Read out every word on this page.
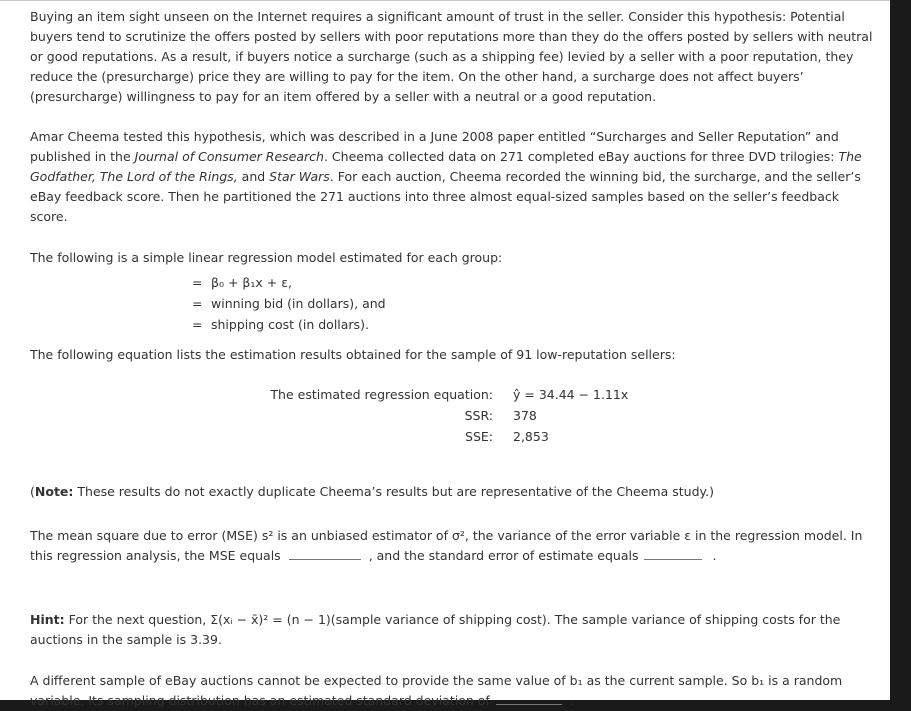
Buying an item sight unseen on the Internet requires a significant amount of trust in the seller. Consider this hypothesis: Potential buyers tend to scrutinize the offers posted by sellers with poor reputations more than they do the offers posted by sellers with neutral or good reputations. As a result, if buyers notice a surcharge (such as a shipping fee) levied by a seller with a poor reputation, they reduce the (presurcharge) price they are willing to pay for the item. On the other hand, a surcharge does not affect buyers’ (presurcharge) willingness to pay for an item offered by a seller with a neutral or a good reputation.

Amar Cheema tested this hypothesis, which was described in a June 2008 paper entitled “Surcharges and Seller Reputation” and published in the Journal of Consumer Research. Cheema collected data on 271 completed eBay auctions for three DVD trilogies: The Godfather, The Lord of the Rings, and Star Wars. For each auction, Cheema recorded the winning bid, the surcharge, and the seller’s eBay feedback score. Then he partitioned the 271 auctions into three almost equal-sized samples based on the seller’s feedback score.

The following is a simple linear regression model estimated for each group:

= β₀ + β₁x + ε,
= winning bid (in dollars), and
= shipping cost (in dollars).

The following equation lists the estimation results obtained for the sample of 91 low-reputation sellers:

The estimated regression equation: ŷ = 34.44 − 1.11x
SSR: 378
SSE: 2,853

(Note: These results do not exactly duplicate Cheema’s results but are representative of the Cheema study.)

The mean square due to error (MSE) s² is an unbiased estimator of σ², the variance of the error variable ε in the regression model. In this regression analysis, the MSE equals	, and the standard error of estimate equals	.

Hint: For the next question, Σ(xᵢ − x̄)² = (n − 1)(sample variance of shipping cost). The sample variance of shipping costs for the auctions in the sample is 3.39.

A different sample of eBay auctions cannot be expected to provide the same value of b₁ as the current sample. So b₁ is a random variable. Its sampling distribution has an estimated standard deviation of	.
